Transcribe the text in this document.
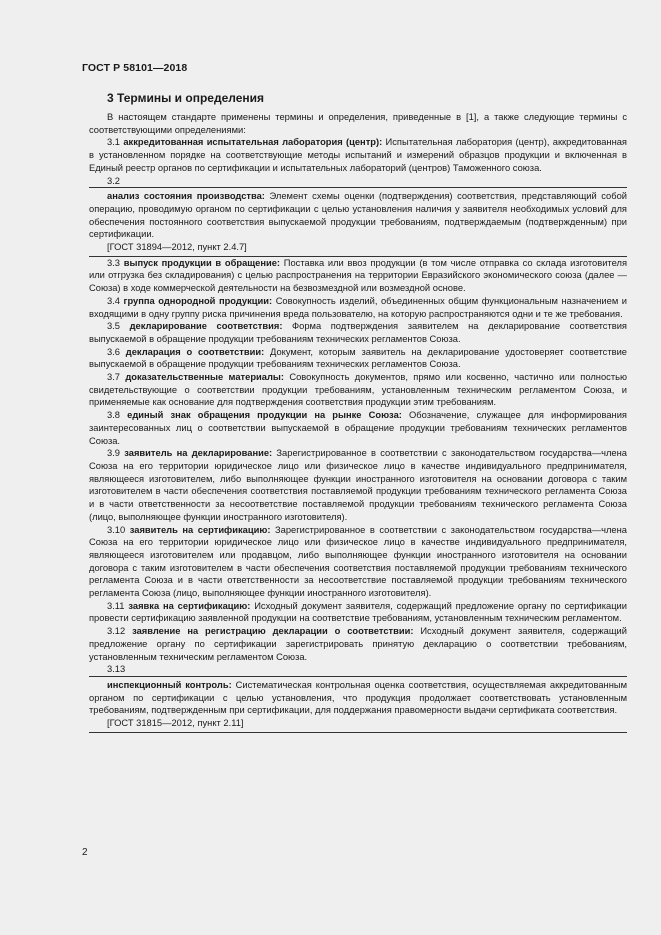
ГОСТ Р 58101—2018
3 Термины и определения

В настоящем стандарте применены термины и определения, приведенные в [1], а также следующие термины с соответствующими определениями:

3.1 аккредитованная испытательная лаборатория (центр): Испытательная лаборатория (центр), аккредитованная в установленном порядке на соответствующие методы испытаний и измерений образцов продукции и включенная в Единый реестр органов по сертификации и испытательных лабораторий (центров) Таможенного союза.

3.2

анализ состояния производства: Элемент схемы оценки (подтверждения) соответствия, представляющий собой операцию, проводимую органом по сертификации с целью установления наличия у заявителя необходимых условий для обеспечения постоянного соответствия выпускаемой продукции требованиям, подтверждаемым (подтвержденным) при сертификации.

[ГОСТ 31894—2012, пункт 2.4.7]

3.3 выпуск продукции в обращение: Поставка или ввоз продукции (в том числе отправка со склада изготовителя или отгрузка без складирования) с целью распространения на территории Евразийского экономического союза (далее — Союза) в ходе коммерческой деятельности на безвозмездной или возмездной основе.

3.4 группа однородной продукции: Совокупность изделий, объединенных общим функциональным назначением и входящими в одну группу риска причинения вреда пользователю, на которую распространяются одни и те же требования.

3.5 декларирование соответствия: Форма подтверждения заявителем на декларирование соответствия выпускаемой в обращение продукции требованиям технических регламентов Союза.

3.6 декларация о соответствии: Документ, которым заявитель на декларирование удостоверяет соответствие выпускаемой в обращение продукции требованиям технических регламентов Союза.

3.7 доказательственные материалы: Совокупность документов, прямо или косвенно, частично или полностью свидетельствующие о соответствии продукции требованиям, установленным техническим регламентом Союза, и применяемые как основание для подтверждения соответствия продукции этим требованиям.

3.8 единый знак обращения продукции на рынке Союза: Обозначение, служащее для информирования заинтересованных лиц о соответствии выпускаемой в обращение продукции требованиям технических регламентов Союза.

3.9 заявитель на декларирование: Зарегистрированное в соответствии с законодательством государства—члена Союза на его территории юридическое лицо или физическое лицо в качестве индивидуального предпринимателя, являющееся изготовителем, либо выполняющее функции иностранного изготовителя на основании договора с таким изготовителем в части обеспечения соответствия поставляемой продукции требованиям технического регламента Союза и в части ответственности за несоответствие поставляемой продукции требованиям технического регламента Союза (лицо, выполняющее функции иностранного изготовителя).

3.10 заявитель на сертификацию: Зарегистрированное в соответствии с законодательством государства—члена Союза на его территории юридическое лицо или физическое лицо в качестве индивидуального предпринимателя, являющееся изготовителем или продавцом, либо выполняющее функции иностранного изготовителя на основании договора с таким изготовителем в части обеспечения соответствия поставляемой продукции требованиям технического регламента Союза и в части ответственности за несоответствие поставляемой продукции требованиям технического регламента Союза (лицо, выполняющее функции иностранного изготовителя).

3.11 заявка на сертификацию: Исходный документ заявителя, содержащий предложение органу по сертификации провести сертификацию заявленной продукции на соответствие требованиям, установленным техническим регламентом.

3.12 заявление на регистрацию декларации о соответствии: Исходный документ заявителя, содержащий предложение органу по сертификации зарегистрировать принятую декларацию о соответствии требованиям, установленным техническим регламентом Союза.

3.13

инспекционный контроль: Систематическая контрольная оценка соответствия, осуществляемая аккредитованным органом по сертификации с целью установления, что продукция продолжает соответствовать установленным требованиям, подтвержденным при сертификации, для поддержания правомерности выдачи сертификата соответствия.

[ГОСТ 31815—2012, пункт 2.11]

2
